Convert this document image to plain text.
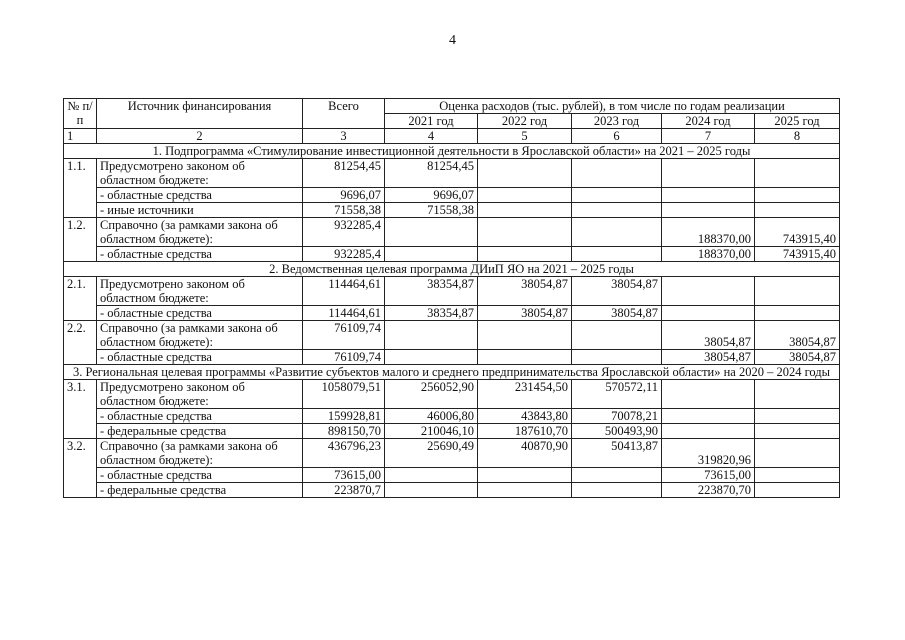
4
№ п/п	Источник финансирования	Всего	Оценка расходов (тыс. рублей), в том числе по годам реализации				
			2021 год	2022 год	2023 год	2024 год	2025 год
1	2	3	4	5	6	7	8
1. Подпрограмма «Стимулирование инвестиционной деятельности в Ярославской области» на 2021 – 2025 годы							
1.1.	Предусмотрено законом об областном бюджете:	81254,45	81254,45				
	- областные средства	9696,07	9696,07				
	- иные источники	71558,38	71558,38				
1.2.	Справочно (за рамками закона об областном бюджете):	932285,4				188370,00	743915,40
	- областные средства	932285,4				188370,00	743915,40
2. Ведомственная целевая программа ДИиП ЯО на 2021 – 2025 годы							
2.1.	Предусмотрено законом об областном бюджете:	114464,61	38354,87	38054,87	38054,87		
	- областные средства	114464,61	38354,87	38054,87	38054,87		
2.2.	Справочно (за рамками закона об областном бюджете):	76109,74				38054,87	38054,87
	- областные средства	76109,74				38054,87	38054,87
3. Региональная целевая программы «Развитие субъектов малого и среднего предпринимательства Ярославской области» на 2020 – 2024 годы							
3.1.	Предусмотрено законом об областном бюджете:	1058079,51	256052,90	231454,50	570572,11		
	- областные средства	159928,81	46006,80	43843,80	70078,21		
	- федеральные средства	898150,70	210046,10	187610,70	500493,90		
3.2.	Справочно (за рамками закона об областном бюджете):	436796,23	25690,49	40870,90	50413,87	319820,96	
	- областные средства	73615,00				73615,00	
	- федеральные средства	223870,7				223870,70	
